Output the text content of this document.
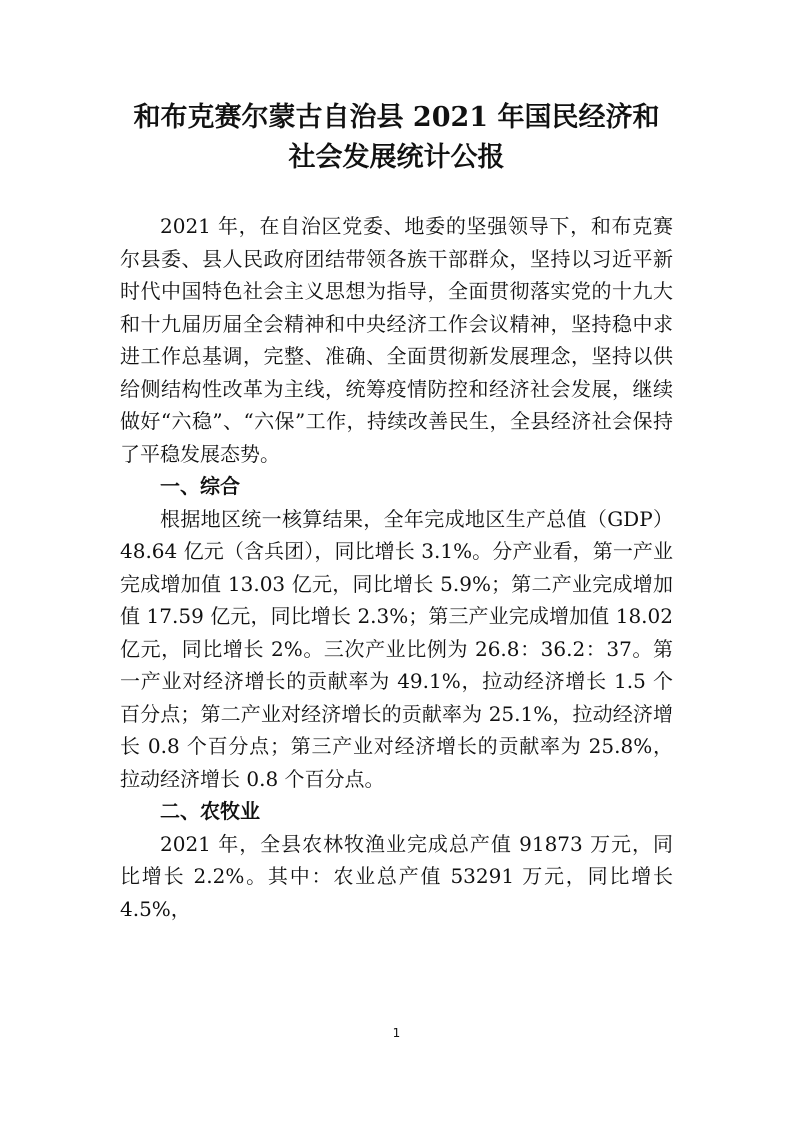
和布克赛尔蒙古自治县 2021 年国民经济和
社会发展统计公报

2021 年，在自治区党委、地委的坚强领导下，和布克赛尔县委、县人民政府团结带领各族干部群众，坚持以习近平新时代中国特色社会主义思想为指导，全面贯彻落实党的十九大和十九届历届全会精神和中央经济工作会议精神，坚持稳中求进工作总基调，完整、准确、全面贯彻新发展理念，坚持以供给侧结构性改革为主线，统筹疫情防控和经济社会发展，继续做好“六稳”、“六保”工作，持续改善民生，全县经济社会保持了平稳发展态势。

一、综合

根据地区统一核算结果，全年完成地区生产总值（GDP）48.64 亿元（含兵团），同比增长 3.1%。分产业看，第一产业完成增加值 13.03 亿元，同比增长 5.9%；第二产业完成增加值 17.59 亿元，同比增长 2.3%；第三产业完成增加值 18.02 亿元，同比增长 2%。三次产业比例为 26.8：36.2：37。第一产业对经济增长的贡献率为 49.1%，拉动经济增长 1.5 个百分点；第二产业对经济增长的贡献率为 25.1%，拉动经济增长 0.8 个百分点；第三产业对经济增长的贡献率为 25.8%，拉动经济增长 0.8 个百分点。

二、农牧业

2021 年，全县农林牧渔业完成总产值 91873 万元，同比增长 2.2%。其中：农业总产值 53291 万元，同比增长 4.5%，

1
